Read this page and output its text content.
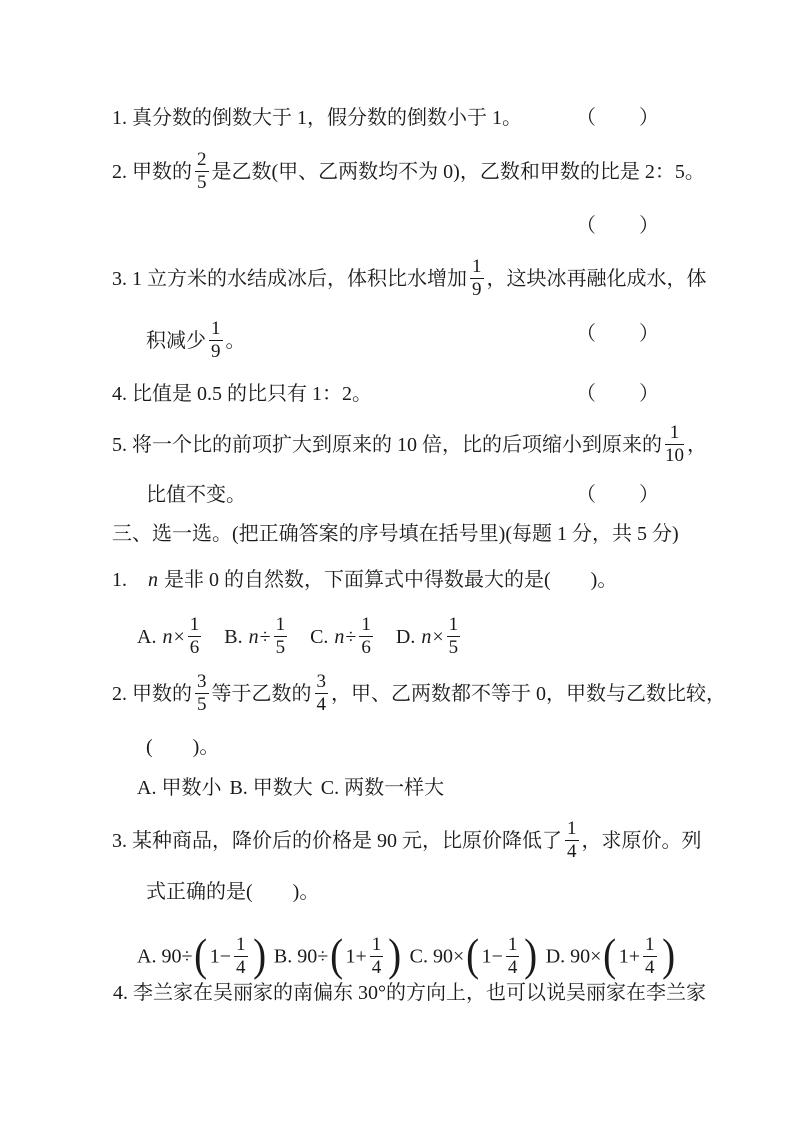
1. 真分数的倒数大于 1，假分数的倒数小于 1。	（　　）
2. 甲数的 $\frac{2}{5}$ 是乙数(甲、乙两数均不为 0)，乙数和甲数的比是 2：5。
（　　）
3. 1 立方米的水结成冰后，体积比水增加 $\frac{1}{9}$ ，这块冰再融化成水，体
积减少 $\frac{1}{9}$ 。	（　　）
4. 比值是 0.5 的比只有 1：2。	（　　）
5. 将一个比的前项扩大到原来的 10 倍，比的后项缩小到原来的 $\frac{1}{10}$ ，
比值不变。	（　　）
三、选一选。(把正确答案的序号填在括号里)(每题 1 分，共 5 分)
1.　n 是非 0 的自然数，下面算式中得数最大的是(　　)。
A. $n\times \frac{1}{6} B$. $n\div \frac{1}{5} C$. $n\div \frac{1}{6} D$. $n\times \frac{1}{5}$
2. 甲数的 $\frac{3}{5}$ 等于乙数的 $\frac{3}{4}$ ，甲、乙两数都不等于 0，甲数与乙数比较，
(　　)。
A. 甲数小 B. 甲数大 C. 两数一样大
3. 某种商品，降价后的价格是 90 元，比原价降低了 $\frac{1}{4}$ ，求原价。列
式正确的是(　　)。
A. 90÷( $1- \frac{1}{4}$ ) B. 90÷( $1+ \frac{1}{4}$ ) C. 90×( $1- \frac{1}{4}$ ) D. 90×( $1+ \frac{1}{4}$ )
4. 李兰家在吴丽家的南偏东 30°的方向上，也可以说吴丽家在李兰家
